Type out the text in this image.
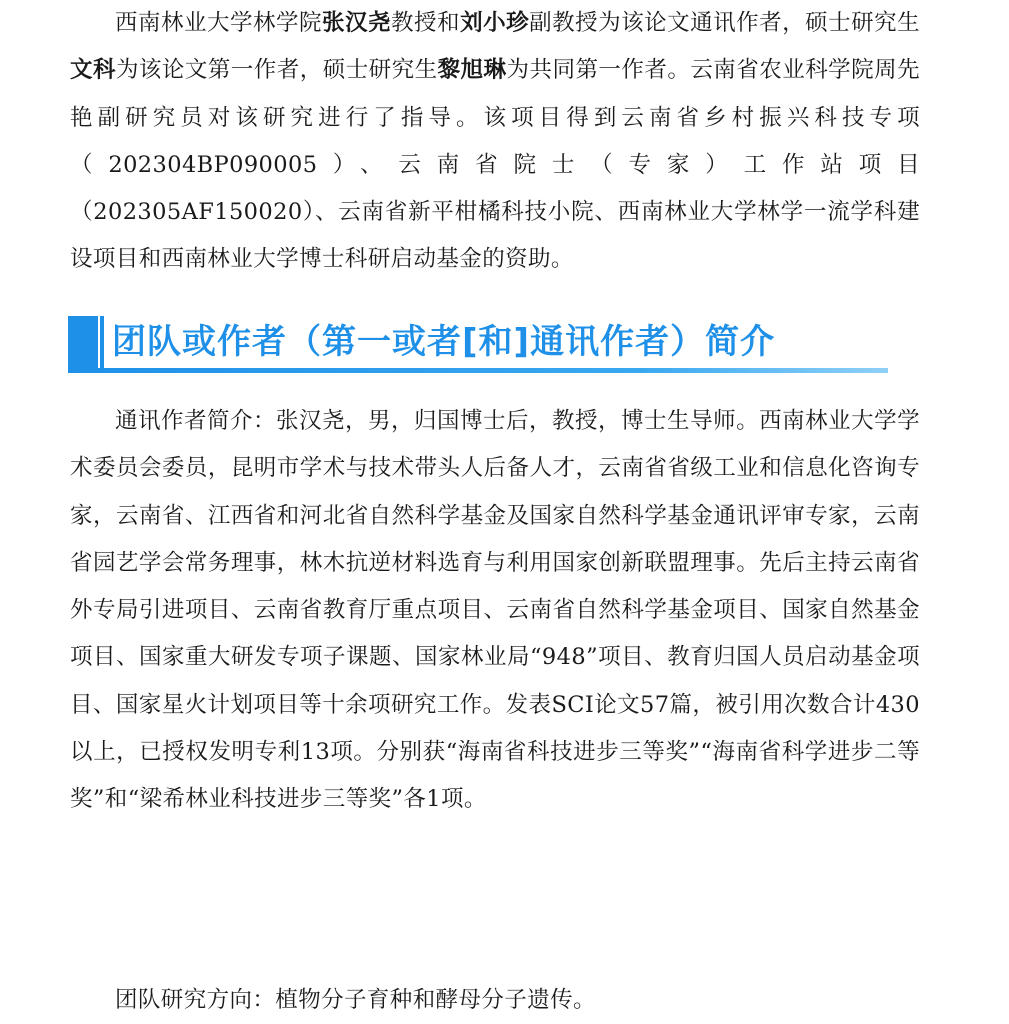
西南林业大学林学院张汉尧教授和刘小珍副教授为该论文通讯作者，硕士研究生文科为该论文第一作者，硕士研究生黎旭琳为共同第一作者。云南省农业科学院周先艳副研究员对该研究进行了指导。该项目得到云南省乡村振兴科技专项（202304BP090005）、云南省院士（专家）工作站项目（202305AF150020）、云南省新平柑橘科技小院、西南林业大学林学一流学科建设项目和西南林业大学博士科研启动基金的资助。

团队或作者（第一或者[和]通讯作者）简介

通讯作者简介：张汉尧，男，归国博士后，教授，博士生导师。西南林业大学学术委员会委员，昆明市学术与技术带头人后备人才，云南省省级工业和信息化咨询专家，云南省、江西省和河北省自然科学基金及国家自然科学基金通讯评审专家，云南省园艺学会常务理事，林木抗逆材料选育与利用国家创新联盟理事。先后主持云南省外专局引进项目、云南省教育厅重点项目、云南省自然科学基金项目、国家自然基金项目、国家重大研发专项子课题、国家林业局“948”项目、教育归国人员启动基金项目、国家星火计划项目等十余项研究工作。发表SCI论文57篇，被引用次数合计430以上，已授权发明专利13项。分别获“海南省科技进步三等奖”“海南省科学进步二等奖”和“梁希林业科技进步三等奖”各1项。

团队研究方向：植物分子育种和酵母分子遗传。
